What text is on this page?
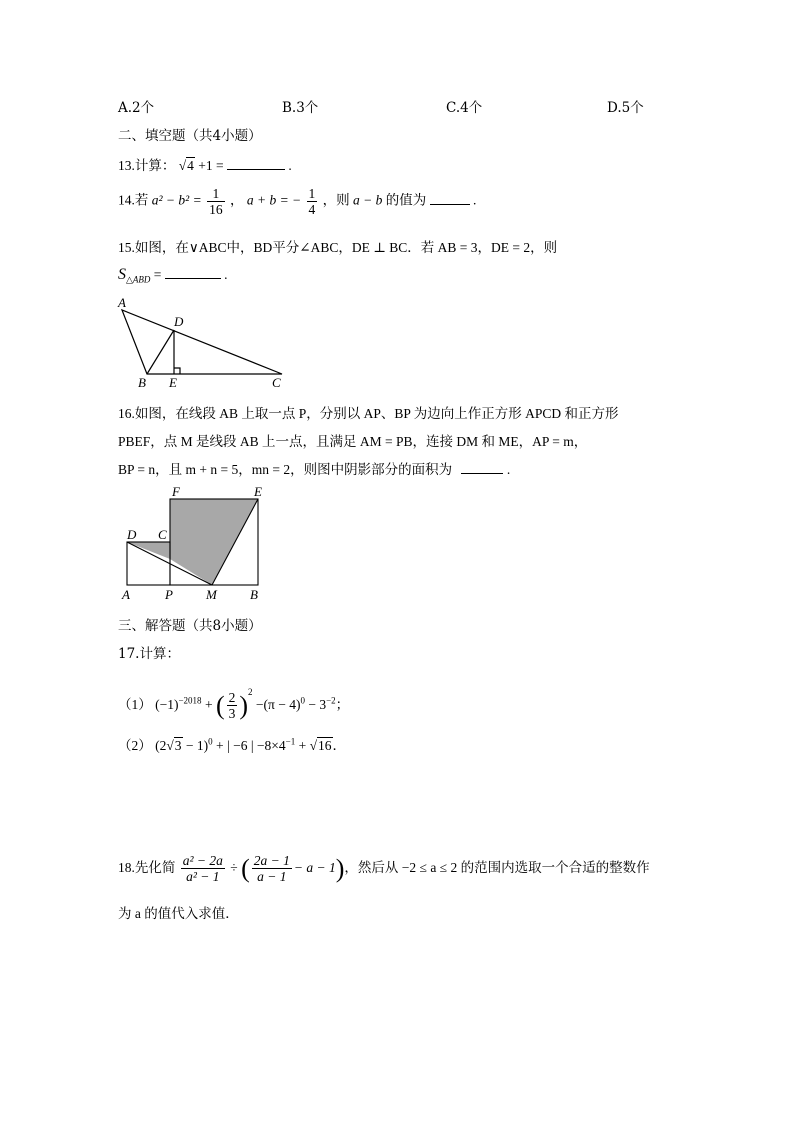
A.2个	B.3个	C.4个	D.5个
二、填空题（共4小题）
13.计算： √4 +1 =	.
14.若 $a^2 - b^2 = \frac{1}{16}$ ， a + b = − $\frac{1}{4}$ ，则 a − b 的值为	.
15.如图，在∨ABC中，BD平分∠ABC，DE ⊥ BC．若 AB = 3，DE = 2，则
$S_{\triangle ABD}$ =	.
A
D
B E	C
16.如图，在线段 AB 上取一点 P，分别以 AP、BP 为边向上作正方形 APCD 和正方形
PBEF，点 M 是线段 AB 上一点，且满足 AM = PB，连接 DM 和 ME，AP = m，
BP = n，且 m + n = 5，mn = 2，则图中阴影部分的面积为	.
F	E
D C
A	P	M	B
三、解答题（共8小题）
17.计算：
（1） $(-1)^{-2018}$ + ( $\frac{2}{3} )^2 -(\pi - 4)^0 - 3^{-2}$；
（2） $(2√3 - 1)^0$ + | −6 | $-8\times 4^{-1} + √16$．
18.先化简 $\frac{\text{a² − 2a}}{\text{a² − 1}}$ ÷ ( $\frac{2a - 1}{a - 1} - a - 1$)，然后从 −2 ≤ a ≤ 2 的范围内选取一个合适的整数作
为 a 的值代入求值．
